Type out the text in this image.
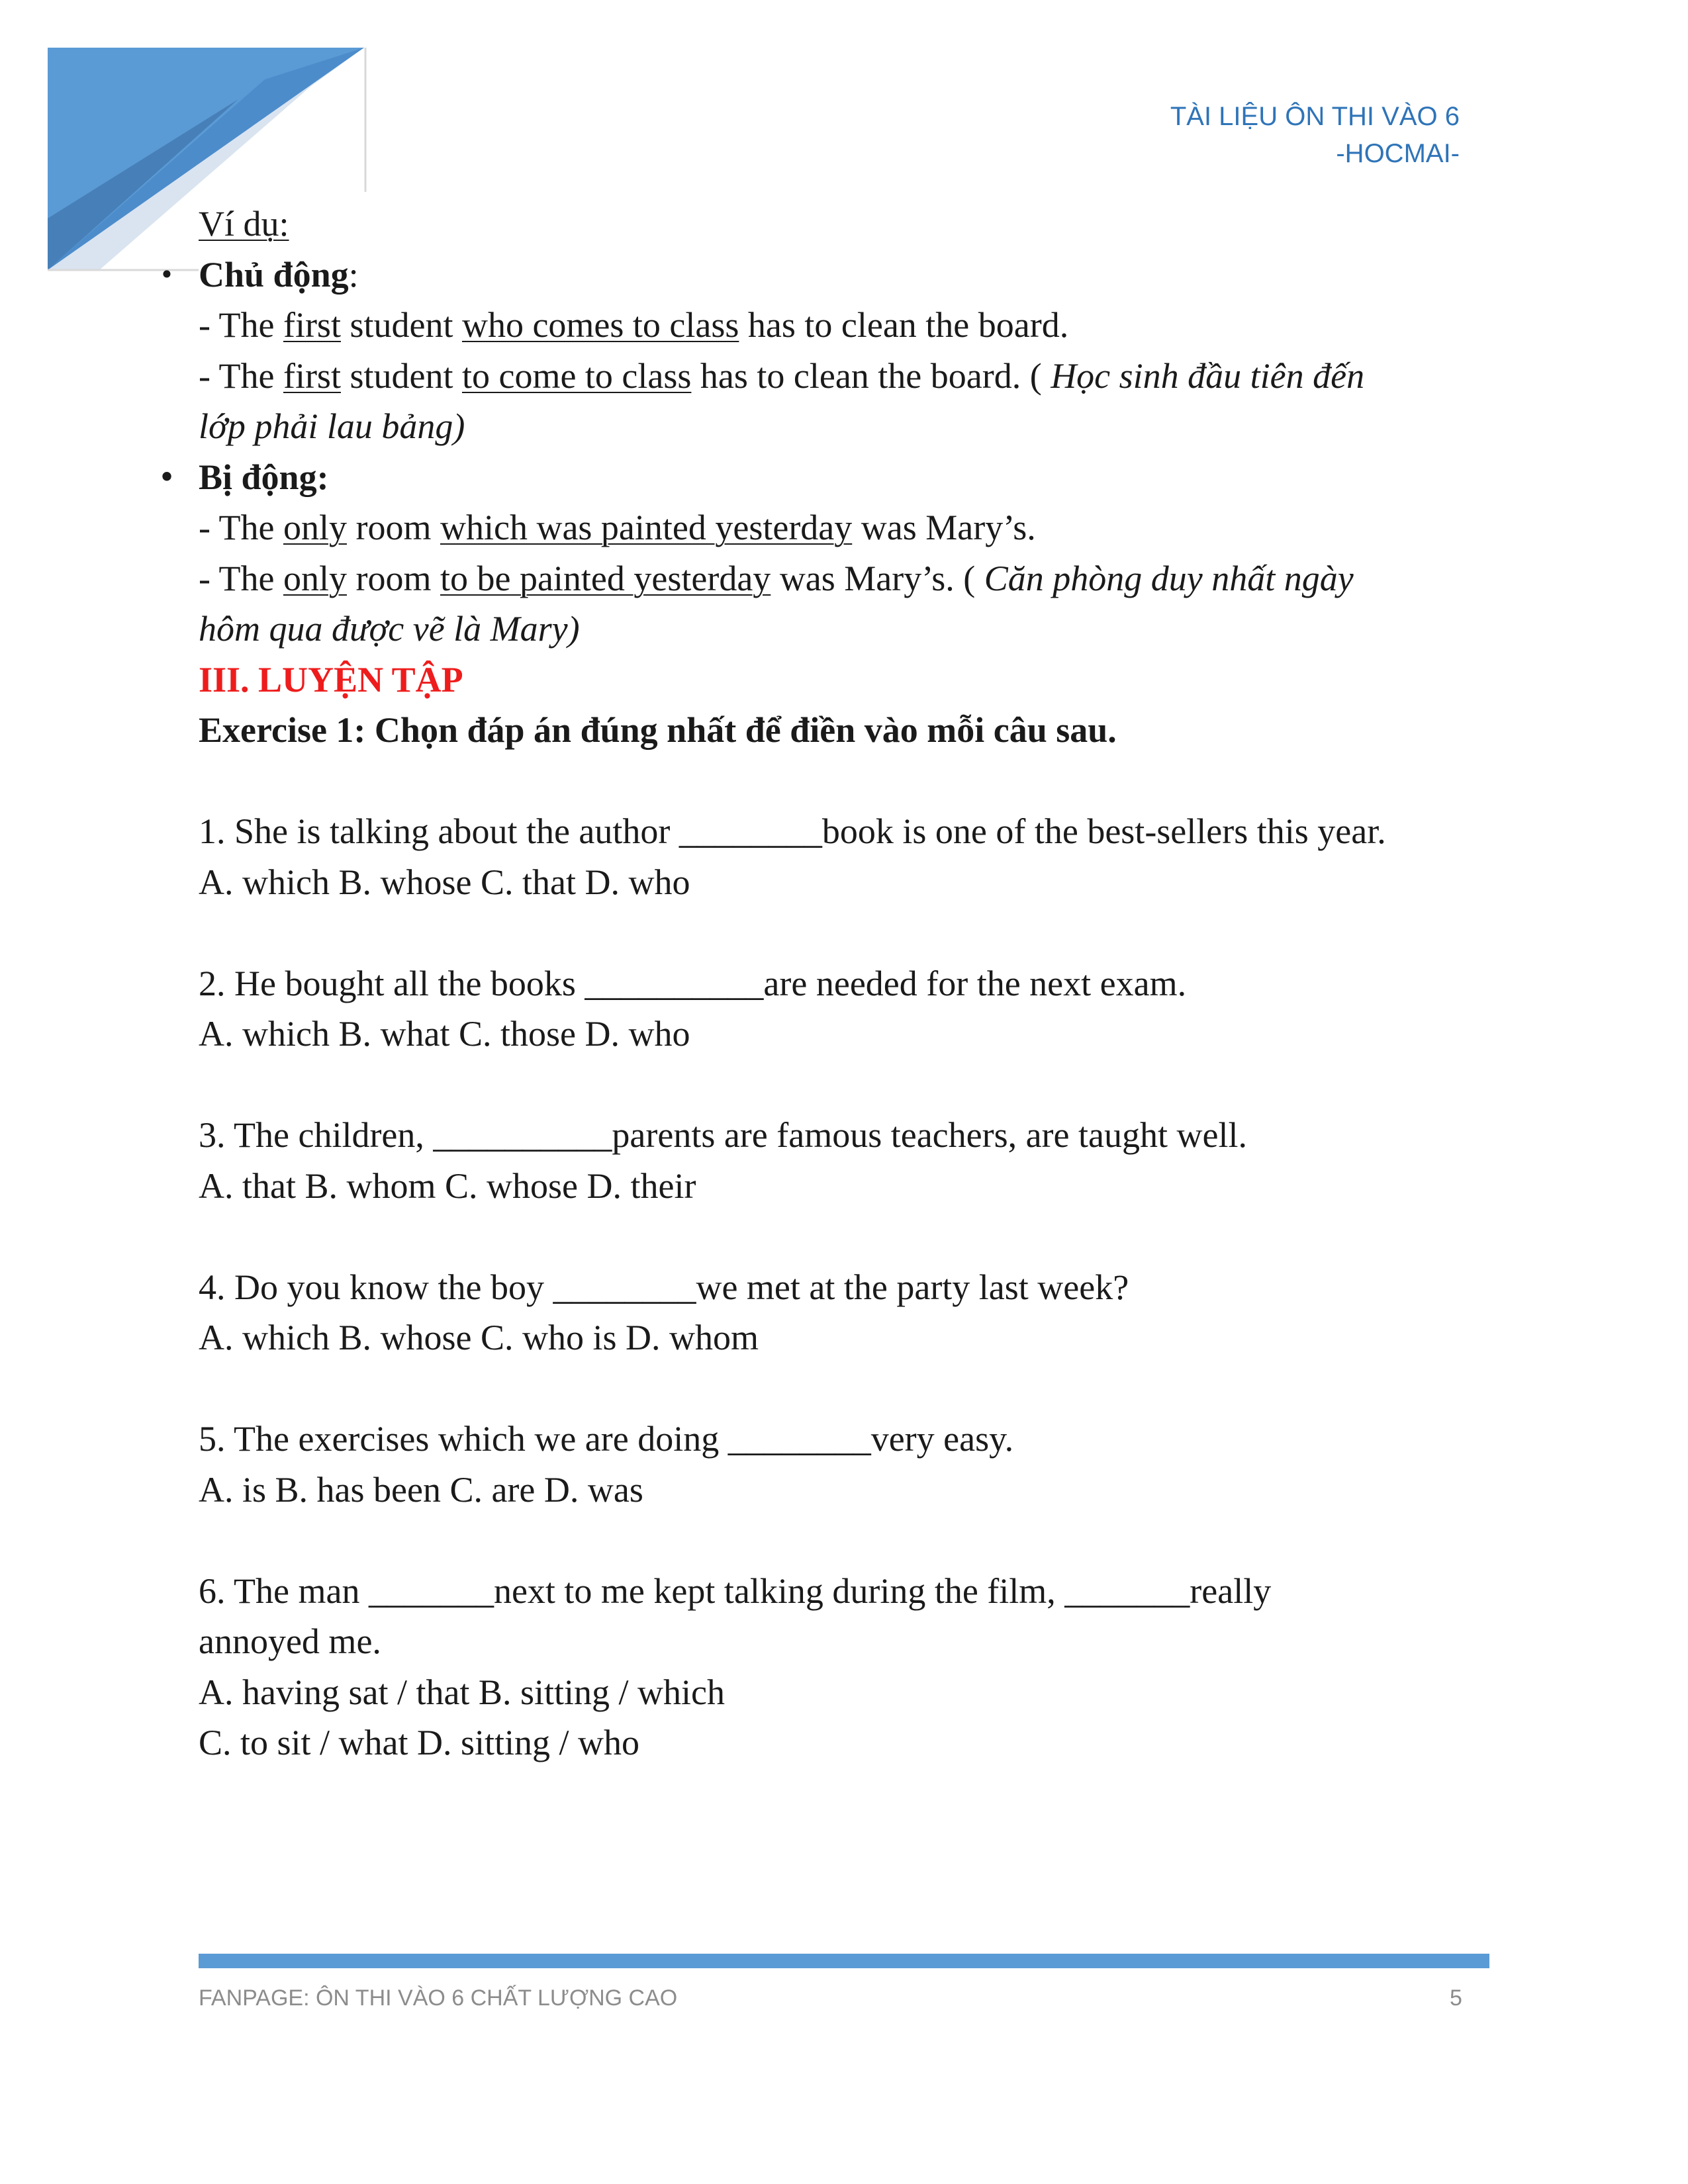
TÀI LIỆU ÔN THI VÀO 6
-HOCMAI-
Ví dụ:
• Chủ động:
- The first student who comes to class has to clean the board.
- The first student to come to class has to clean the board. ( Học sinh đầu tiên đến
lớp phải lau bảng)
• Bị động:
- The only room which was painted yesterday was Mary’s.
- The only room to be painted yesterday was Mary’s. ( Căn phòng duy nhất ngày
hôm qua được vẽ là Mary)
III. LUYỆN TẬP
Exercise 1: Chọn đáp án đúng nhất để điền vào mỗi câu sau.
1. She is talking about the author ________book is one of the best-sellers this year.
A. which B. whose C. that D. who
2. He bought all the books __________are needed for the next exam.
A. which B. what C. those D. who
3. The children, __________parents are famous teachers, are taught well.
A. that B. whom C. whose D. their
4. Do you know the boy ________we met at the party last week?
A. which B. whose C. who is D. whom
5. The exercises which we are doing ________very easy.
A. is B. has been C. are D. was
6. The man _______next to me kept talking during the film, _______really
annoyed me.
A. having sat / that B. sitting / which
C. to sit / what D. sitting / who
FANPAGE: ÔN THI VÀO 6 CHẤT LƯỢNG CAO	5
